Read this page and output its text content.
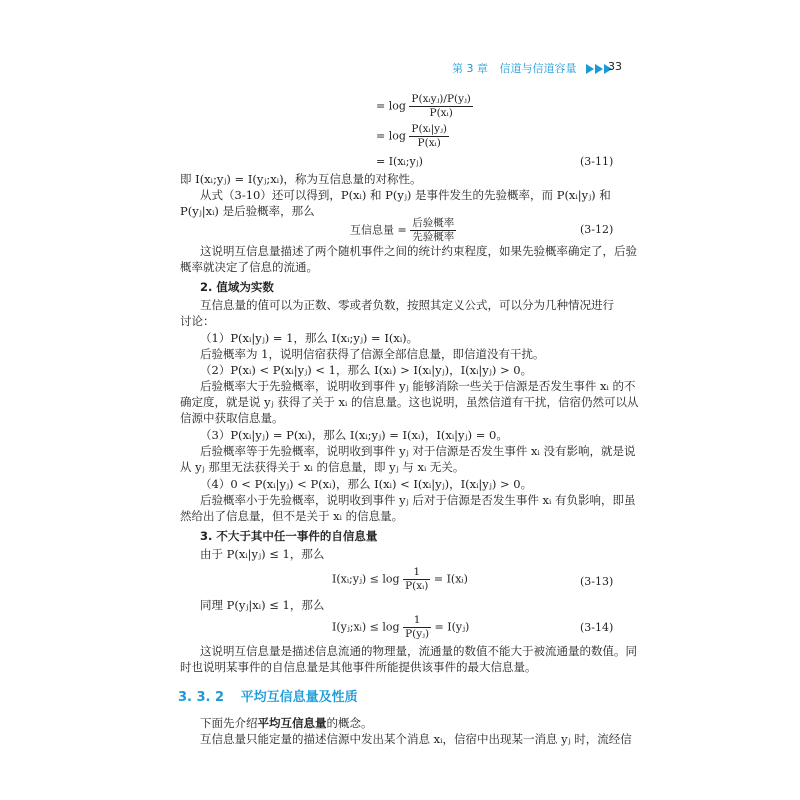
第 3 章 信道与信道容量	33
= $\log \frac{\text{P(xᵢyⱼ)/P(yⱼ)}}{\text{P(xᵢ)}}$
= $\log \frac{\text{P(xᵢ|yⱼ)}}{\text{P(xᵢ)}}$
= I(xᵢ;yⱼ)	(3-11)
即 I(xᵢ;yⱼ) = I(yⱼ;xᵢ)，称为互信息量的对称性。
从式（3-10）还可以得到，P(xᵢ) 和 P(yⱼ) 是事件发生的先验概率，而 P(xᵢ|yⱼ) 和
P(yⱼ|xᵢ) 是后验概率，那么
互信息量 = $\frac{\text{后验概率}}{\text{先验概率}}$	(3-12)
这说明互信息量描述了两个随机事件之间的统计约束程度，如果先验概率确定了，后验
概率就决定了信息的流通。
2. 值域为实数
互信息量的值可以为正数、零或者负数，按照其定义公式，可以分为几种情况进行
讨论：
（1）P(xᵢ|yⱼ) = 1，那么 I(xᵢ;yⱼ) = I(xᵢ)。
后验概率为 1，说明信宿获得了信源全部信息量，即信道没有干扰。
（2）P(xᵢ) < P(xᵢ|yⱼ) < 1，那么 I(xᵢ) > I(xᵢ|yⱼ)，I(xᵢ|yⱼ) > 0。
后验概率大于先验概率，说明收到事件 yⱼ 能够消除一些关于信源是否发生事件 xᵢ 的不
确定度，就是说 yⱼ 获得了关于 xᵢ 的信息量。这也说明，虽然信道有干扰，信宿仍然可以从
信源中获取信息量。
（3）P(xᵢ|yⱼ) = P(xᵢ)，那么 I(xᵢ;yⱼ) = I(xᵢ)，I(xᵢ|yⱼ) = 0。
后验概率等于先验概率，说明收到事件 yⱼ 对于信源是否发生事件 xᵢ 没有影响，就是说
从 yⱼ 那里无法获得关于 xᵢ 的信息量，即 yⱼ 与 xᵢ 无关。
（4）0 < P(xᵢ|yⱼ) < P(xᵢ)，那么 I(xᵢ) < I(xᵢ|yⱼ)，I(xᵢ|yⱼ) > 0。
后验概率小于先验概率，说明收到事件 yⱼ 后对于信源是否发生事件 xᵢ 有负影响，即虽
然给出了信息量，但不是关于 xᵢ 的信息量。
3. 不大于其中任一事件的自信息量
由于 P(xᵢ|yⱼ) ≤ 1，那么
I(xᵢ;yⱼ) ≤ $\log \frac{1}{\text{P(xᵢ)}}$ = I(xᵢ)	(3-13)
同理 P(yⱼ|xᵢ) ≤ 1，那么
I(yⱼ;xᵢ) ≤ $\log \frac{1}{\text{P(yⱼ)}}$ = I(yⱼ)	(3-14)
这说明互信息量是描述信息流通的物理量，流通量的数值不能大于被流通量的数值。同
时也说明某事件的自信息量是其他事件所能提供该事件的最大信息量。
3. 3. 2 平均互信息量及性质
下面先介绍平均互信息量的概念。
互信息量只能定量的描述信源中发出某个消息 xᵢ，信宿中出现某一消息 yⱼ 时，流经信
